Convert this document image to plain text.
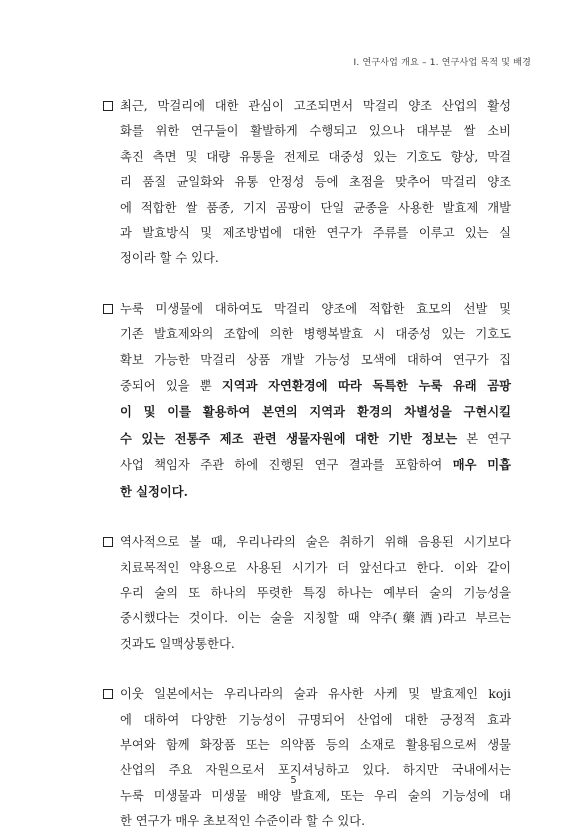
I. 연구사업 개요 – 1. 연구사업 목적 및 배경
최근, 막걸리에 대한 관심이 고조되면서 막걸리 양조 산업의 활성
화를 위한 연구들이 활발하게 수행되고 있으나 대부분 쌀 소비
촉진 측면 및 대량 유통을 전제로 대중성 있는 기호도 향상, 막걸
리 품질 균일화와 유통 안정성 등에 초점을 맞추어 막걸리 양조
에 적합한 쌀 품종, 기지 곰팡이 단일 균종을 사용한 발효제 개발
과 발효방식 및 제조방법에 대한 연구가 주류를 이루고 있는 실
정이라 할 수 있다.
누룩 미생물에 대하여도 막걸리 양조에 적합한 효모의 선발 및
기존 발효제와의 조합에 의한 병행복발효 시 대중성 있는 기호도
확보 가능한 막걸리 상품 개발 가능성 모색에 대하여 연구가 집
중되어 있을 뿐 지역과 자연환경에 따라 독특한 누룩 유래 곰팡
이 및 이를 활용하여 본연의 지역과 환경의 차별성을 구현시킬
수 있는 전통주 제조 관련 생물자원에 대한 기반 정보는 본 연구
사업 책임자 주관 하에 진행된 연구 결과를 포함하여 매우 미흡
한 실정이다.
역사적으로 볼 때, 우리나라의 술은 취하기 위해 음용된 시기보다
치료목적인 약용으로 사용된 시기가 더 앞선다고 한다. 이와 같이
우리 술의 또 하나의 뚜렷한 특징 하나는 예부터 술의 기능성을
중시했다는 것이다. 이는 술을 지칭할 때 약주(藥酒)라고 부르는
것과도 일맥상통한다.
이웃 일본에서는 우리나라의 술과 유사한 사케 및 발효제인 koji
에 대하여 다양한 기능성이 규명되어 산업에 대한 긍정적 효과
부여와 함께 화장품 또는 의약품 등의 소재로 활용됨으로써 생물
산업의 주요 자원으로서 포지셔닝하고 있다. 하지만 국내에서는
누룩 미생물과 미생물 배양 발효제, 또는 우리 술의 기능성에 대
한 연구가 매우 초보적인 수준이라 할 수 있다.
5
